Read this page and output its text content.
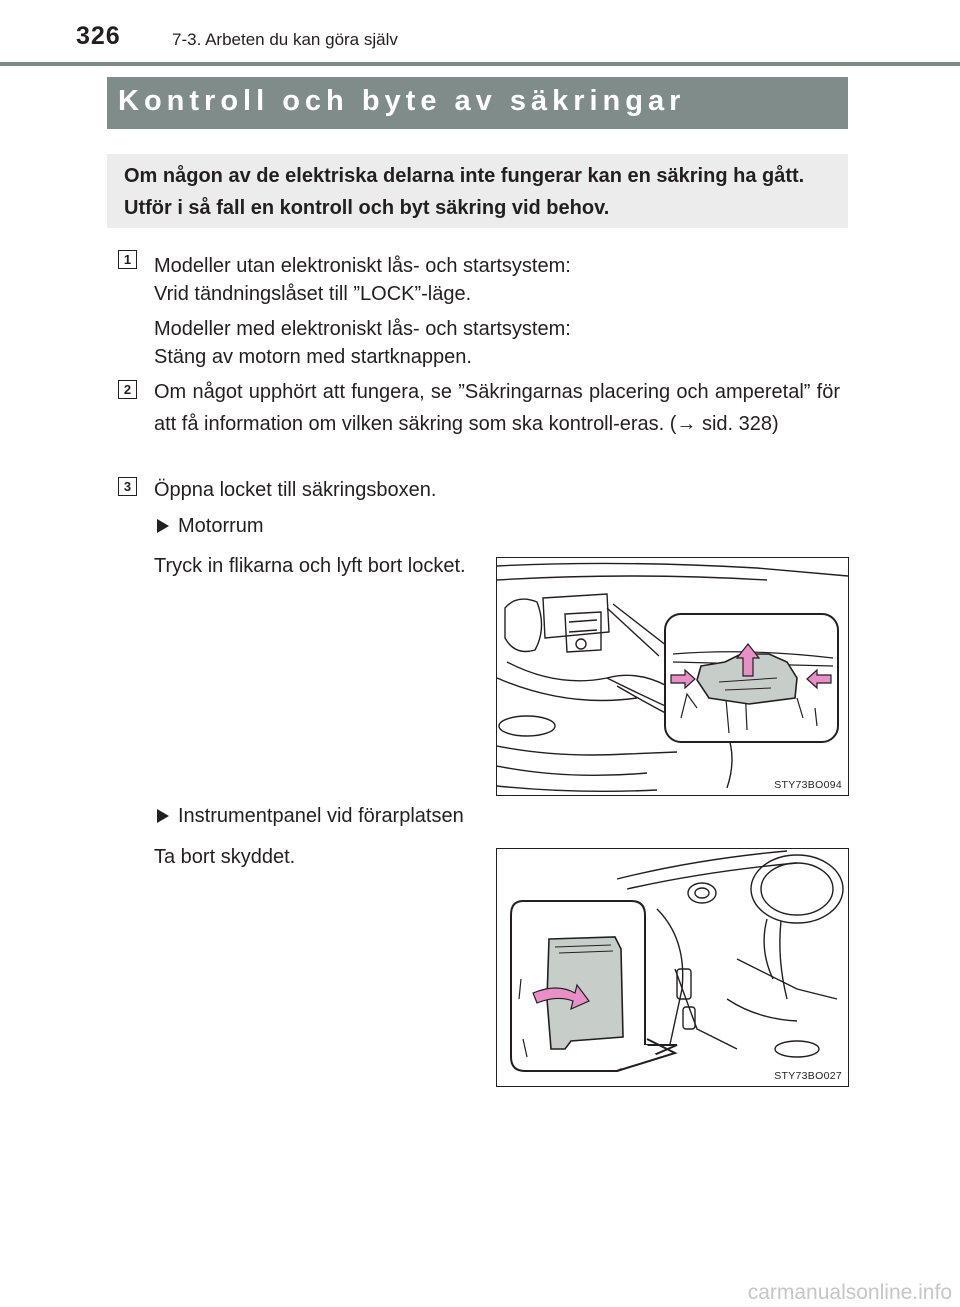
326	7-3. Arbeten du kan göra själv
Kontroll och byte av säkringar
Om någon av de elektriska delarna inte fungerar kan en säkring ha gått. Utför i så fall en kontroll och byt säkring vid behov.
1 Modeller utan elektroniskt lås- och startsystem:
Vrid tändningslåset till ”LOCK”-läge.
Modeller med elektroniskt lås- och startsystem:
Stäng av motorn med startknappen.
2 Om något upphört att fungera, se ”Säkringarnas placering och amperetal” för att få information om vilken säkring som ska kontroll-eras. (→ sid. 328)
3 Öppna locket till säkringsboxen.
Motorrum
Tryck in flikarna och lyft bort locket.
STY73BO094
Instrumentpanel vid förarplatsen
Ta bort skyddet.
STY73BO027
carmanualsonline.info
